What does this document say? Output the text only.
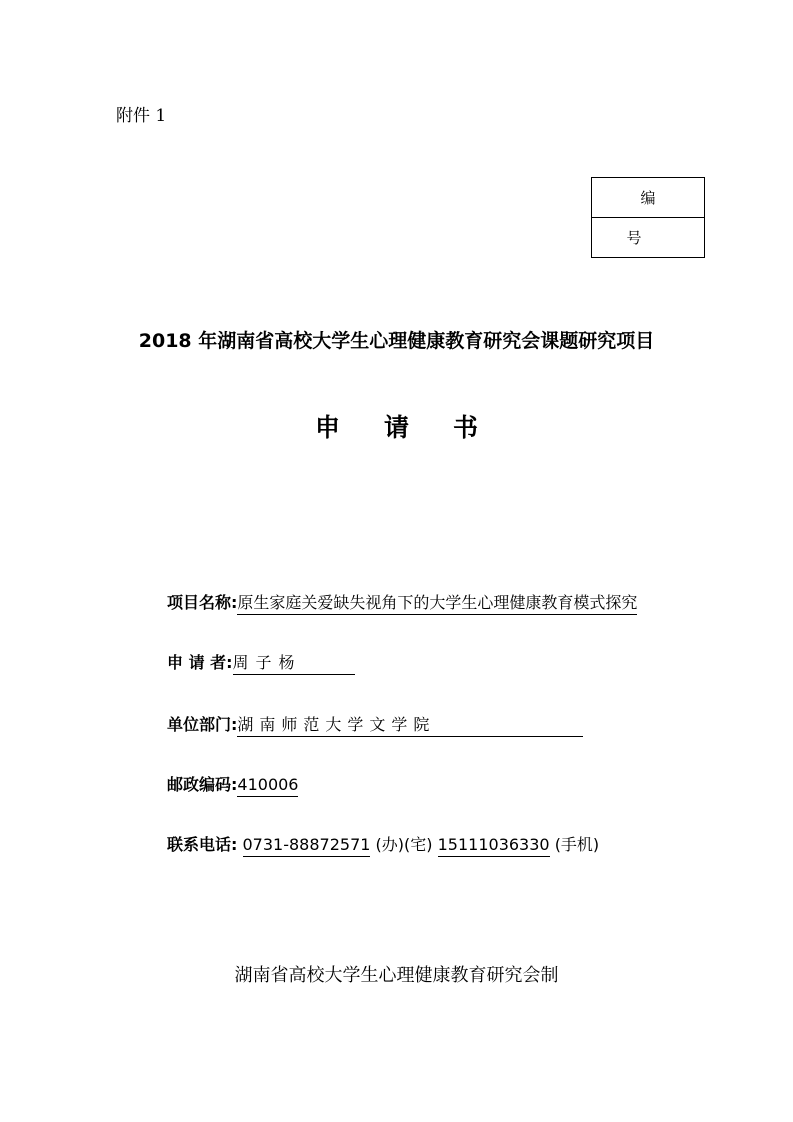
附件 1
编号
2018 年湖南省高校大学生心理健康教育研究会课题研究项目
申请书
项目名称:原生家庭关爱缺失视角下的大学生心理健康教育模式探究
申 请 者:周子杨
单位部门:湖南师范大学文学院
邮政编码:410006
联系电话: 0731-88872571 (办)(宅) 15111036330 (手机)
湖南省高校大学生心理健康教育研究会制
